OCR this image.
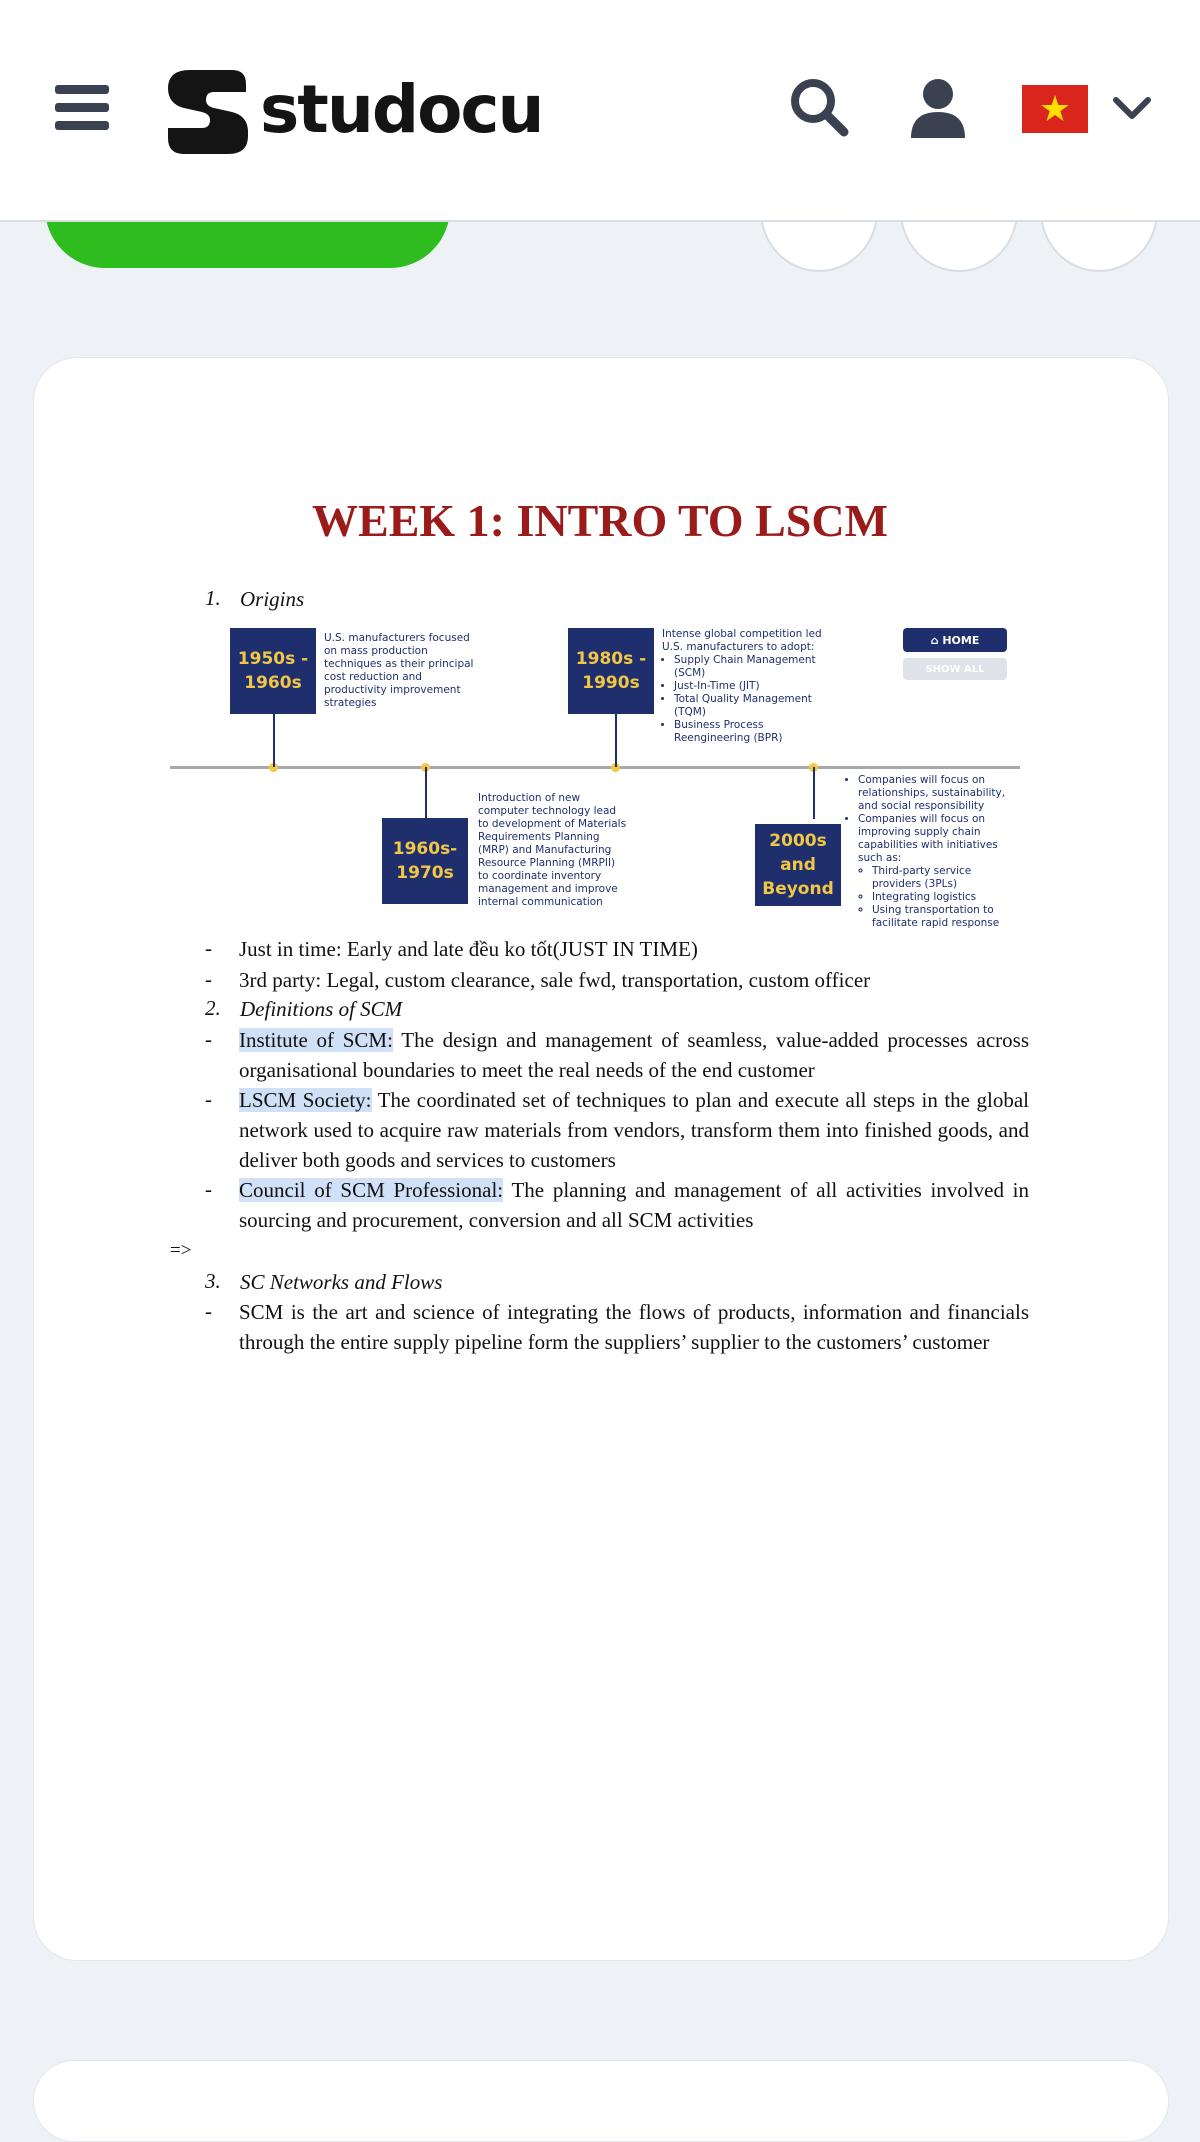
studocu	★
WEEK 1: INTRO TO LSCM
1. Origins
1950s -
1960s
U.S. manufacturers focused on mass production techniques as their principal cost reduction and productivity improvement strategies
1960s-
1970s
Introduction of new computer technology lead to development of Materials Requirements Planning (MRP) and Manufacturing Resource Planning (MRPII) to coordinate inventory management and improve internal communication
1980s -
1990s
Intense global competition led U.S. manufacturers to adopt:
• Supply Chain Management (SCM)
• Just-In-Time (JIT)
• Total Quality Management (TQM)
• Business Process Reengineering (BPR)
2000s
and
Beyond
• Companies will focus on relationships, sustainability, and social responsibility
• Companies will focus on improving supply chain capabilities with initiatives such as:
◦ Third-party service providers (3PLs)
◦ Integrating logistics
◦ Using transportation to facilitate rapid response
⌂ HOME
SHOW ALL
- Just in time: Early and late đều ko tốt(JUST IN TIME)
- 3rd party: Legal, custom clearance, sale fwd, transportation, custom officer
2. Definitions of SCM
- Institute of SCM: The design and management of seamless, value-added processes across organisational boundaries to meet the real needs of the end customer
- LSCM Society: The coordinated set of techniques to plan and execute all steps in the global network used to acquire raw materials from vendors, transform them into finished goods, and deliver both goods and services to customers
- Council of SCM Professional: The planning and management of all activities involved in sourcing and procurement, conversion and all SCM activities
=>
3. SC Networks and Flows
- SCM is the art and science of integrating the flows of products, information and financials through the entire supply pipeline form the suppliers’ supplier to the customers’ customer
